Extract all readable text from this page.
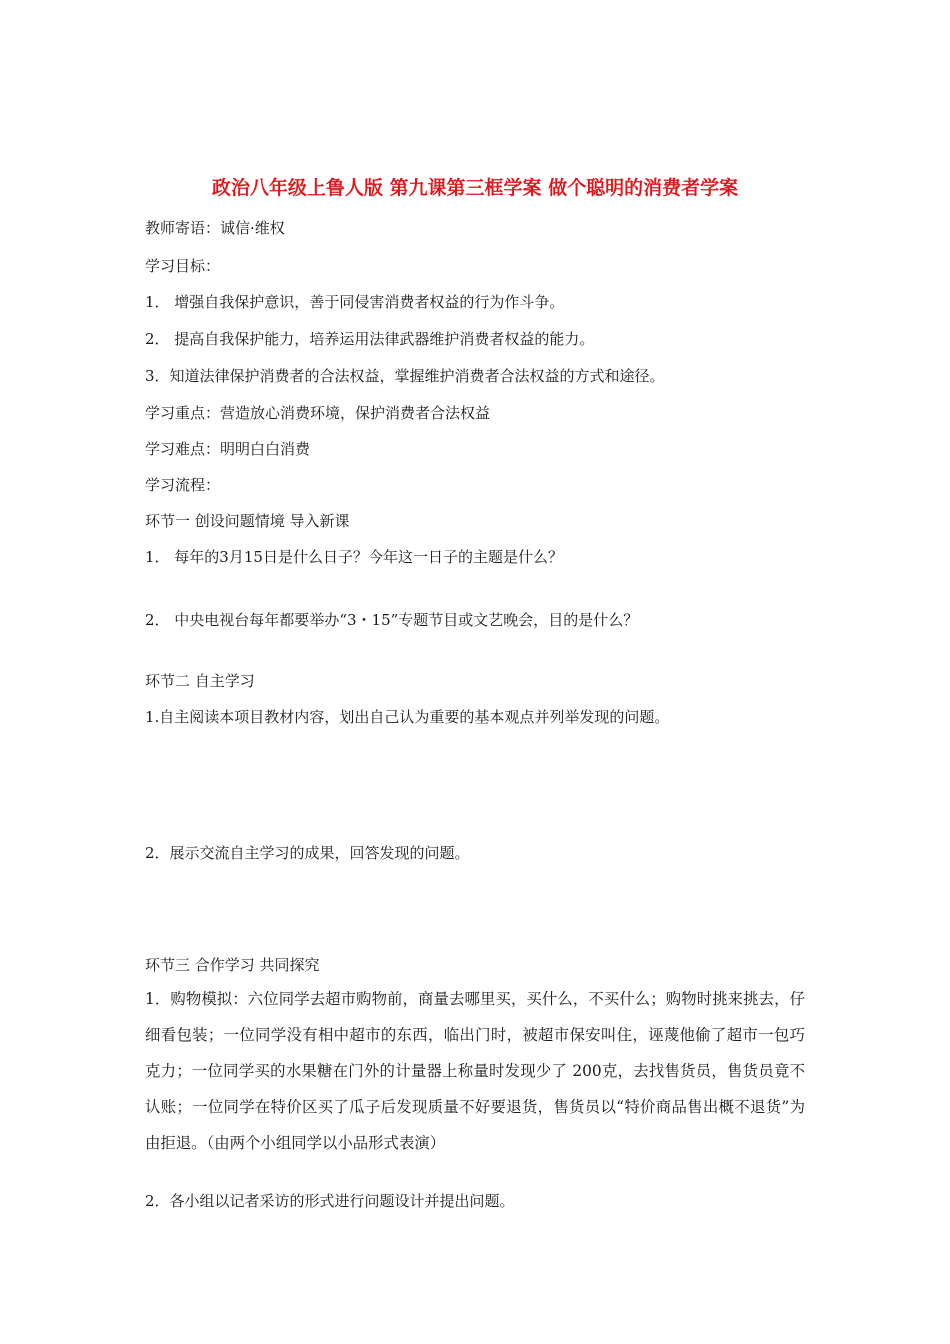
政治八年级上鲁人版 第九课第三框学案 做个聪明的消费者学案
教师寄语：诚信·维权
学习目标：
1． 增强自我保护意识，善于同侵害消费者权益的行为作斗争。
2． 提高自我保护能力，培养运用法律武器维护消费者权益的能力。
3．知道法律保护消费者的合法权益，掌握维护消费者合法权益的方式和途径。
学习重点：营造放心消费环境，保护消费者合法权益
学习难点：明明白白消费
学习流程：
环节一 创设问题情境 导入新课
1． 每年的3月15日是什么日子？今年这一日子的主题是什么？
2． 中央电视台每年都要举办“3・15”专题节目或文艺晚会，目的是什么？
环节二 自主学习
1.自主阅读本项目教材内容，划出自己认为重要的基本观点并列举发现的问题。
2．展示交流自主学习的成果，回答发现的问题。
环节三 合作学习 共同探究
1．购物模拟：六位同学去超市购物前，商量去哪里买，买什么，不买什么；购物时挑来挑去，仔细看包装；一位同学没有相中超市的东西，临出门时，被超市保安叫住，诬蔑他偷了超市一包巧克力；一位同学买的水果糖在门外的计量器上称量时发现少了 200克，去找售货员，售货员竟不认账；一位同学在特价区买了瓜子后发现质量不好要退货，售货员以“特价商品售出概不退货”为由拒退。（由两个小组同学以小品形式表演）
2．各小组以记者采访的形式进行问题设计并提出问题。
